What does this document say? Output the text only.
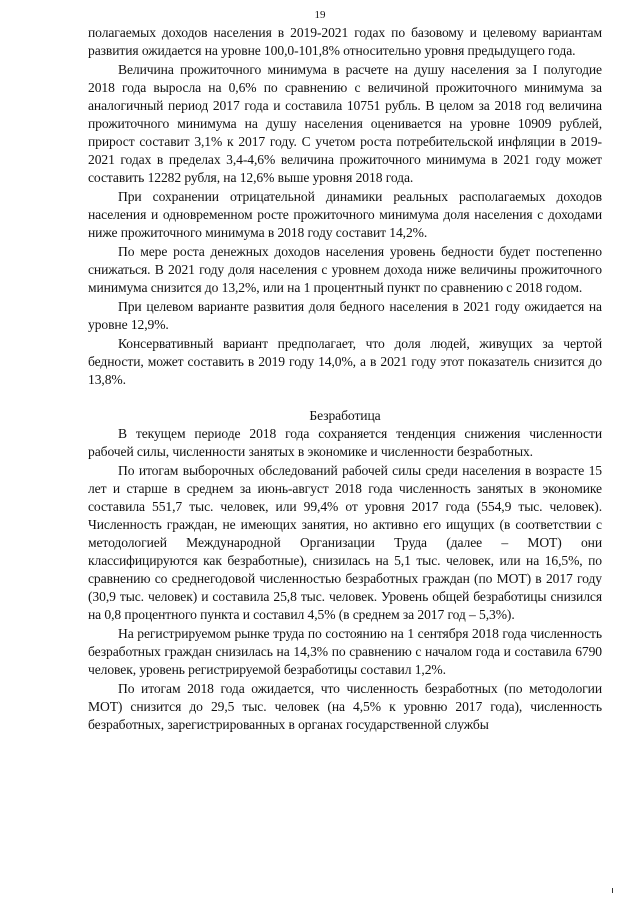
19

полагаемых доходов населения в 2019-2021 годах по базовому и целевому вариантам развития ожидается на уровне 100,0-101,8% относительно уровня предыдущего года.

Величина прожиточного минимума в расчете на душу населения за I полугодие 2018 года выросла на 0,6% по сравнению с величиной прожиточного минимума за аналогичный период 2017 года и составила 10751 рубль. В целом за 2018 год величина прожиточного минимума на душу населения оценивается на уровне 10909 рублей, прирост составит 3,1% к 2017 году. С учетом роста потребительской инфляции в 2019-2021 годах в пределах 3,4-4,6% величина прожиточного минимума в 2021 году может составить 12282 рубля, на 12,6% выше уровня 2018 года.

При сохранении отрицательной динамики реальных располагаемых доходов населения и одновременном росте прожиточного минимума доля населения с доходами ниже прожиточного минимума в 2018 году составит 14,2%.

По мере роста денежных доходов населения уровень бедности будет постепенно снижаться. В 2021 году доля населения с уровнем дохода ниже величины прожиточного минимума снизится до 13,2%, или на 1 процентный пункт по сравнению с 2018 годом.

При целевом варианте развития доля бедного населения в 2021 году ожидается на уровне 12,9%.

Консервативный вариант предполагает, что доля людей, живущих за чертой бедности, может составить в 2019 году 14,0%, а в 2021 году этот показатель снизится до 13,8%.

Безработица

В текущем периоде 2018 года сохраняется тенденция снижения численности рабочей силы, численности занятых в экономике и численности безработных.

По итогам выборочных обследований рабочей силы среди населения в возрасте 15 лет и старше в среднем за июнь-август 2018 года численность занятых в экономике составила 551,7 тыс. человек, или 99,4% от уровня 2017 года (554,9 тыс. человек). Численность граждан, не имеющих занятия, но активно его ищущих (в соответствии с методологией Международной Организации Труда (далее – МОТ) они классифицируются как безработные), снизилась на 5,1 тыс. человек, или на 16,5%, по сравнению со среднегодовой численностью безработных граждан (по МОТ) в 2017 году (30,9 тыс. человек) и составила 25,8 тыс. человек. Уровень общей безработицы снизился на 0,8 процентного пункта и составил 4,5% (в среднем за 2017 год – 5,3%).

На регистрируемом рынке труда по состоянию на 1 сентября 2018 года численность безработных граждан снизилась на 14,3% по сравнению с началом года и составила 6790 человек, уровень регистрируемой безработицы составил 1,2%.

По итогам 2018 года ожидается, что численность безработных (по методологии МОТ) снизится до 29,5 тыс. человек (на 4,5% к уровню 2017 года), численность безработных, зарегистрированных в органах государственной службы
